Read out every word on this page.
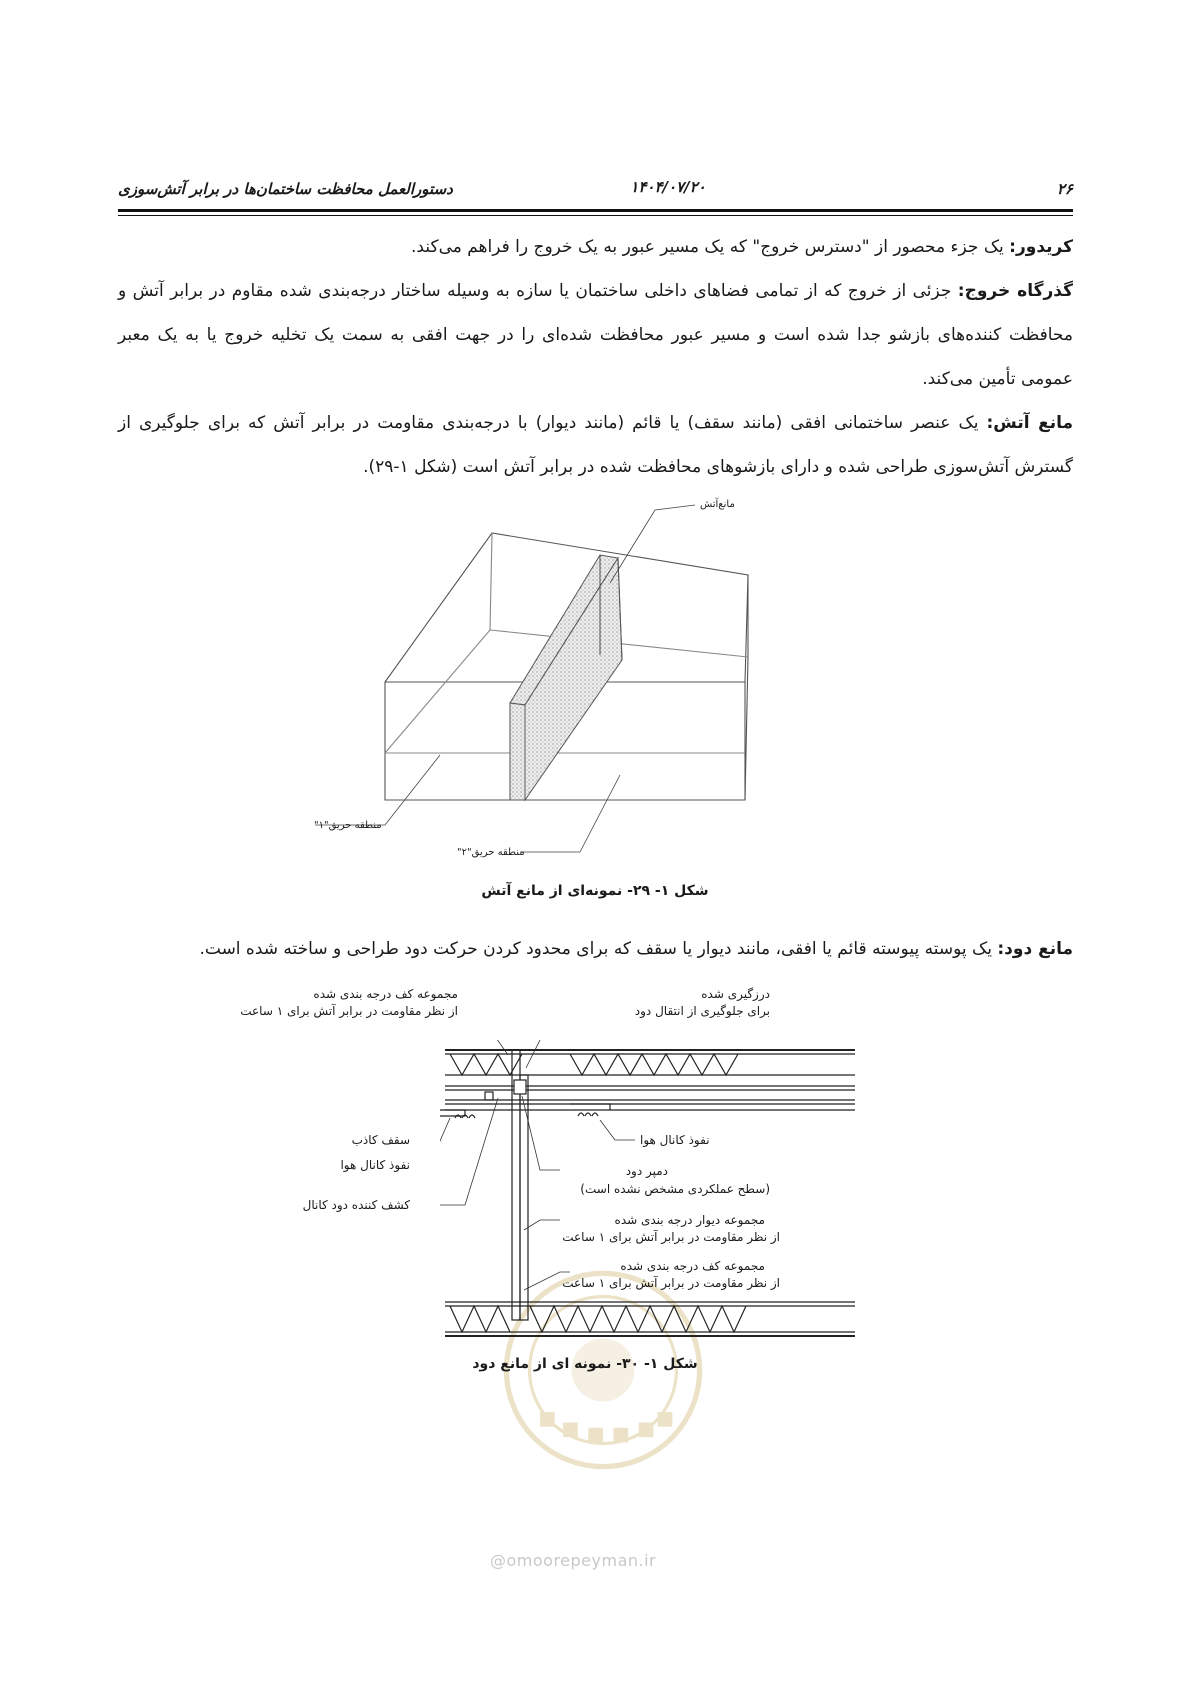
۲۶
۱۴۰۴/۰۷/۲۰
دستورالعمل محافظت ساختمان‌ها در برابر آتش‌سوزی

کریدور: یک جزء محصور از "دسترس خروج" که یک مسیر عبور به یک خروج را فراهم می‌کند.

گذرگاه خروج: جزئی از خروج که از تمامی فضاهای داخلی ساختمان یا سازه به وسیله ساختار درجه‌بندی شده مقاوم در برابر آتش و محافظت کننده‌های بازشو جدا شده است و مسیر عبور محافظت شده‌ای را در جهت افقی به سمت یک تخلیه خروج یا به یک معبر عمومی تأمین می‌کند.

مانع آتش: یک عنصر ساختمانی افقی (مانند سقف) یا قائم (مانند دیوار) با درجه‌بندی مقاومت در برابر آتش که برای جلوگیری از گسترش آتش‌سوزی طراحی شده و دارای بازشوهای محافظت شده در برابر آتش است (شکل ۱-۲۹).

مانع‌آتش
منطقه حریق"۱"
منطقه حریق"۲"
شکل ۱- ۲۹- نمونه‌ای از مانع آتش

مانع دود: یک پوسته پیوسته قائم یا افقی، مانند دیوار یا سقف که برای محدود کردن حرکت دود طراحی و ساخته شده است.

مجموعه کف درجه بندی شده
از نظر مقاومت در برابر آتش برای ۱ ساعت
درزگیری شده
برای جلوگیری از انتقال دود
نفوذ کانال هوا
سقف کاذب
نفوذ کانال هوا
کشف کننده دود کانال
دمپر دود
(سطح عملکردی مشخص نشده است)
مجموعه دیوار درجه بندی شده
از نظر مقاومت در برابر آتش برای ۱ ساعت
مجموعه کف درجه بندی شده
از نظر مقاومت در برابر آتش برای ۱ ساعت
شکل ۱- ۳۰- نمونه ای از مانع دود
@omoorepeyman.ir
